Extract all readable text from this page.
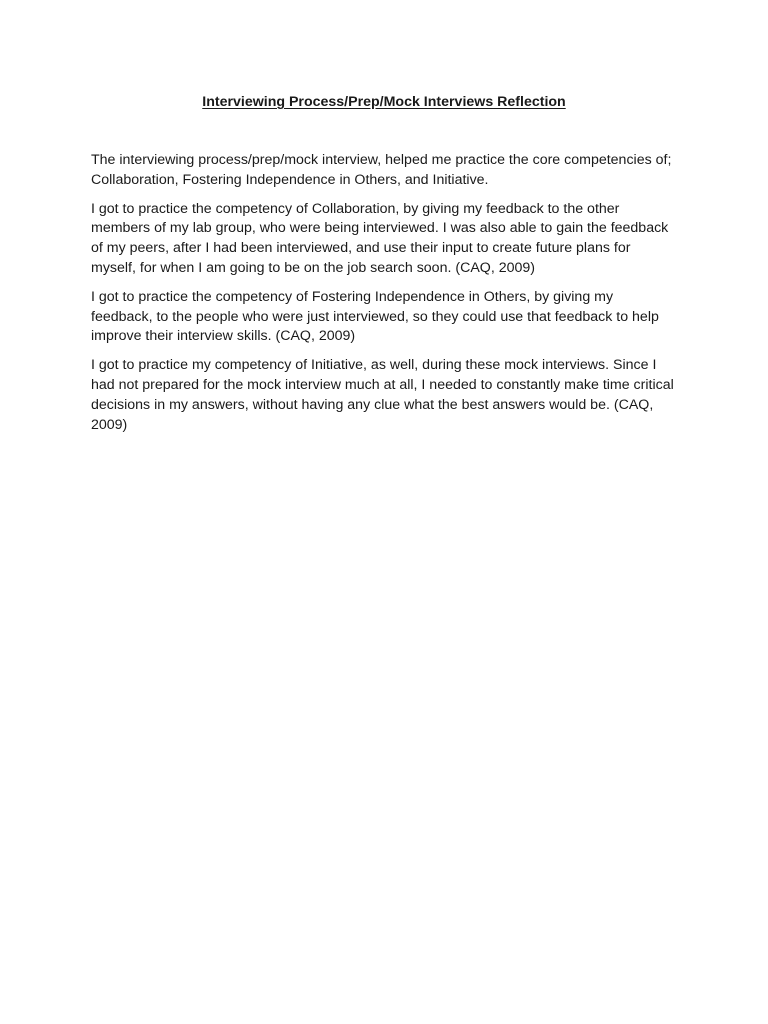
Interviewing Process/Prep/Mock Interviews Reflection

The interviewing process/prep/mock interview, helped me practice the core competencies of; Collaboration, Fostering Independence in Others, and Initiative.

I got to practice the competency of Collaboration, by giving my feedback to the other members of my lab group, who were being interviewed. I was also able to gain the feedback of my peers, after I had been interviewed, and use their input to create future plans for myself, for when I am going to be on the job search soon. (CAQ, 2009)

I got to practice the competency of Fostering Independence in Others, by giving my feedback, to the people who were just interviewed, so they could use that feedback to help improve their interview skills. (CAQ, 2009)

I got to practice my competency of Initiative, as well, during these mock interviews. Since I had not prepared for the mock interview much at all, I needed to constantly make time critical decisions in my answers, without having any clue what the best answers would be. (CAQ, 2009)
